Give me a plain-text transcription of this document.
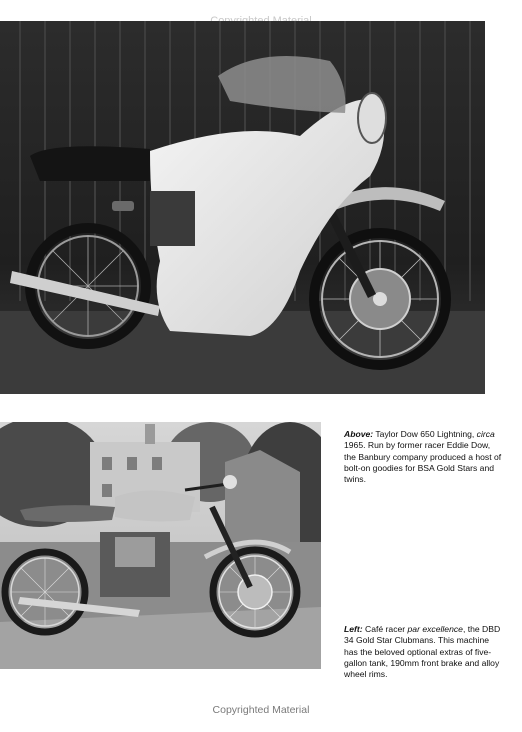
Above: Taylor Dow 650 Lightning, circa 1965. Run by former racer Eddie Dow, the Banbury company produced a host of bolt-on goodies for BSA Gold Stars and twins.
Left: Café racer par excellence, the DBD 34 Gold Star Clubmans. This machine has the beloved optional extras of five-gallon tank, 190mm front brake and alloy wheel rims.
Copyrighted Material
